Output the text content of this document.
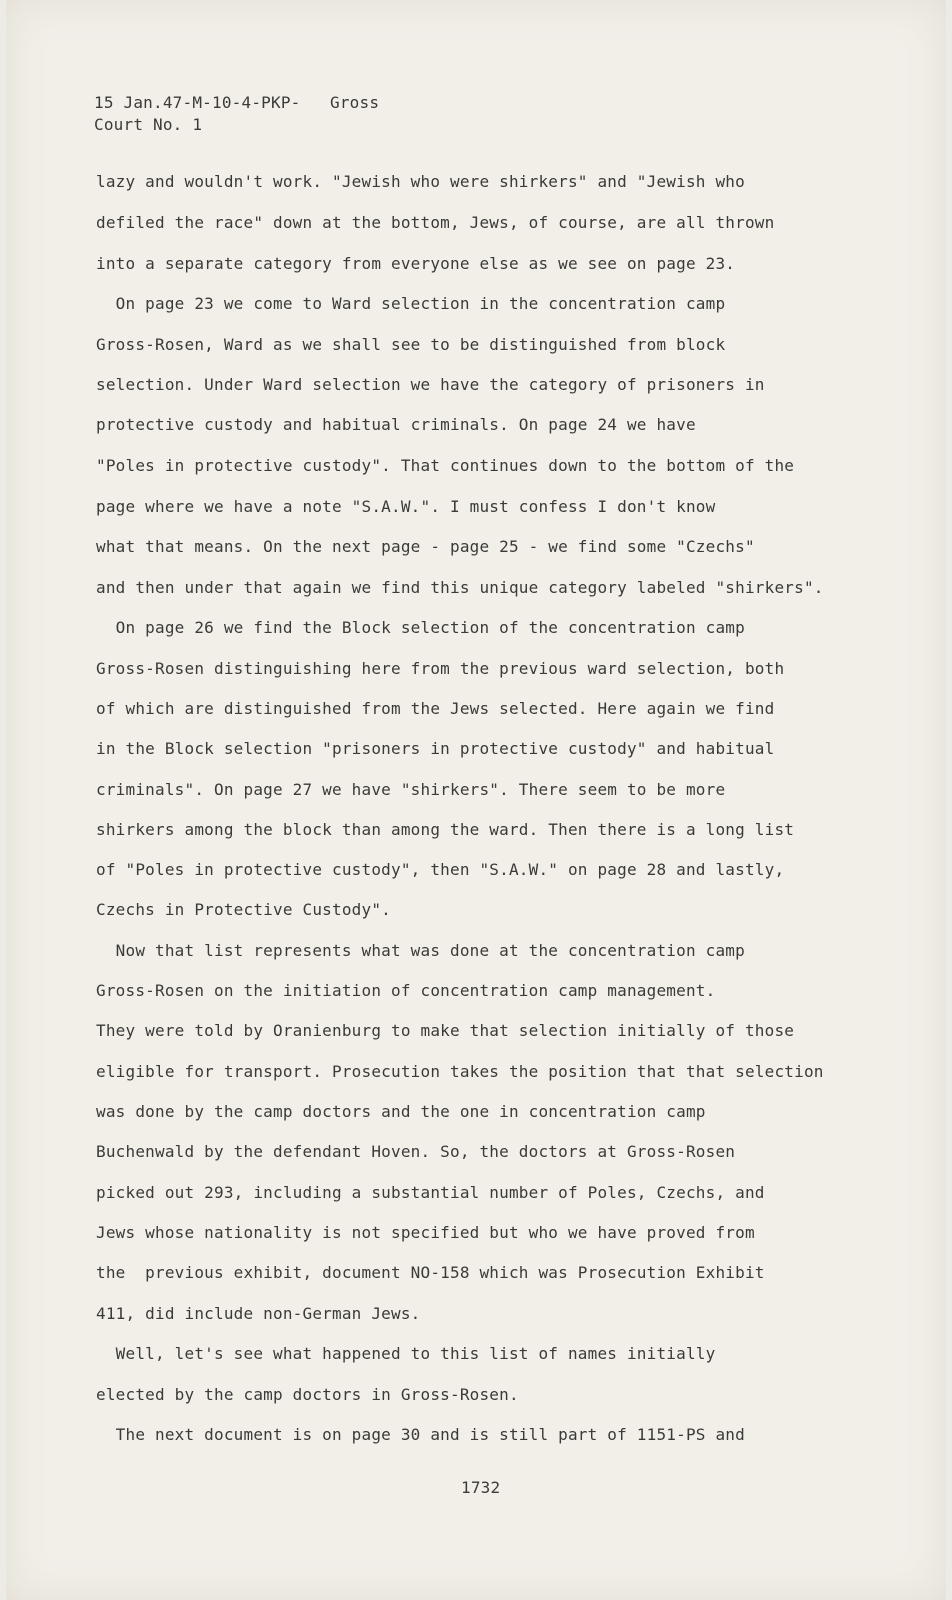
15 Jan.47-M-10-4-PKP-   Gross
Court No. 1
lazy and wouldn't work. "Jewish who were shirkers" and "Jewish who
defiled the race" down at the bottom, Jews, of course, are all thrown
into a separate category from everyone else as we see on page 23.
On page 23 we come to Ward selection in the concentration camp
Gross-Rosen, Ward as we shall see to be distinguished from block
selection. Under Ward selection we have the category of prisoners in
protective custody and habitual criminals. On page 24 we have
"Poles in protective custody". That continues down to the bottom of the
page where we have a note "S.A.W.". I must confess I don't know
what that means. On the next page - page 25 - we find some "Czechs"
and then under that again we find this unique category labeled "shirkers".
On page 26 we find the Block selection of the concentration camp
Gross-Rosen distinguishing here from the previous ward selection, both
of which are distinguished from the Jews selected. Here again we find
in the Block selection "prisoners in protective custody" and habitual
criminals". On page 27 we have "shirkers". There seem to be more
shirkers among the block than among the ward. Then there is a long list
of "Poles in protective custody", then "S.A.W." on page 28 and lastly,
Czechs in Protective Custody".
Now that list represents what was done at the concentration camp
Gross-Rosen on the initiation of concentration camp management.
They were told by Oranienburg to make that selection initially of those
eligible for transport. Prosecution takes the position that that selection
was done by the camp doctors and the one in concentration camp
Buchenwald by the defendant Hoven. So, the doctors at Gross-Rosen
picked out 293, including a substantial number of Poles, Czechs, and
Jews whose nationality is not specified but who we have proved from
the  previous exhibit, document NO-158 which was Prosecution Exhibit
411, did include non-German Jews.
Well, let's see what happened to this list of names initially
elected by the camp doctors in Gross-Rosen.
The next document is on page 30 and is still part of 1151-PS and
1732
